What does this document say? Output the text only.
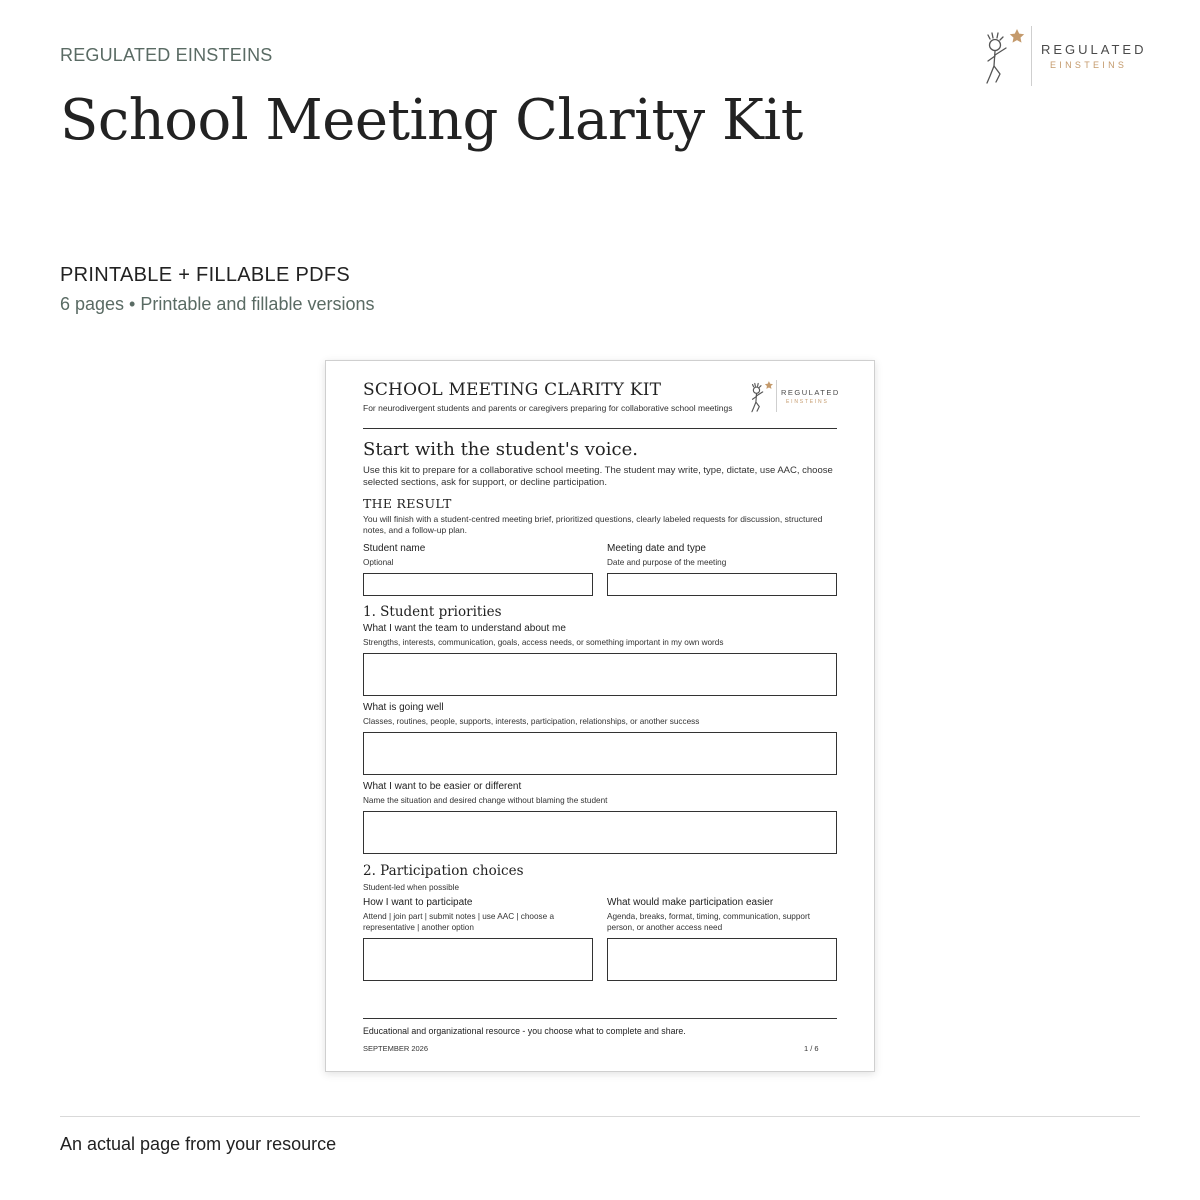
REGULATED EINSTEINS
School Meeting Clarity Kit
REGULATED
EINSTEINS
PRINTABLE + FILLABLE PDFS
6 pages • Printable and fillable versions
SCHOOL MEETING CLARITY KIT
For neurodivergent students and parents or caregivers preparing for collaborative school meetings
REGULATED
EINSTEINS
Start with the student's voice.
Use this kit to prepare for a collaborative school meeting. The student may write, type, dictate, use AAC, choose selected sections, ask for support, or decline participation.
THE RESULT
You will finish with a student-centred meeting brief, prioritized questions, clearly labeled requests for discussion, structured notes, and a follow-up plan.
Student name
Optional
Meeting date and type
Date and purpose of the meeting
1. Student priorities
What I want the team to understand about me
Strengths, interests, communication, goals, access needs, or something important in my own words
What is going well
Classes, routines, people, supports, interests, participation, relationships, or another success
What I want to be easier or different
Name the situation and desired change without blaming the student
2. Participation choices
Student-led when possible
How I want to participate
Attend | join part | submit notes | use AAC | choose a representative | another option
What would make participation easier
Agenda, breaks, format, timing, communication, support person, or another access need
Educational and organizational resource - you choose what to complete and share.
SEPTEMBER 2026	1 / 6
An actual page from your resource
